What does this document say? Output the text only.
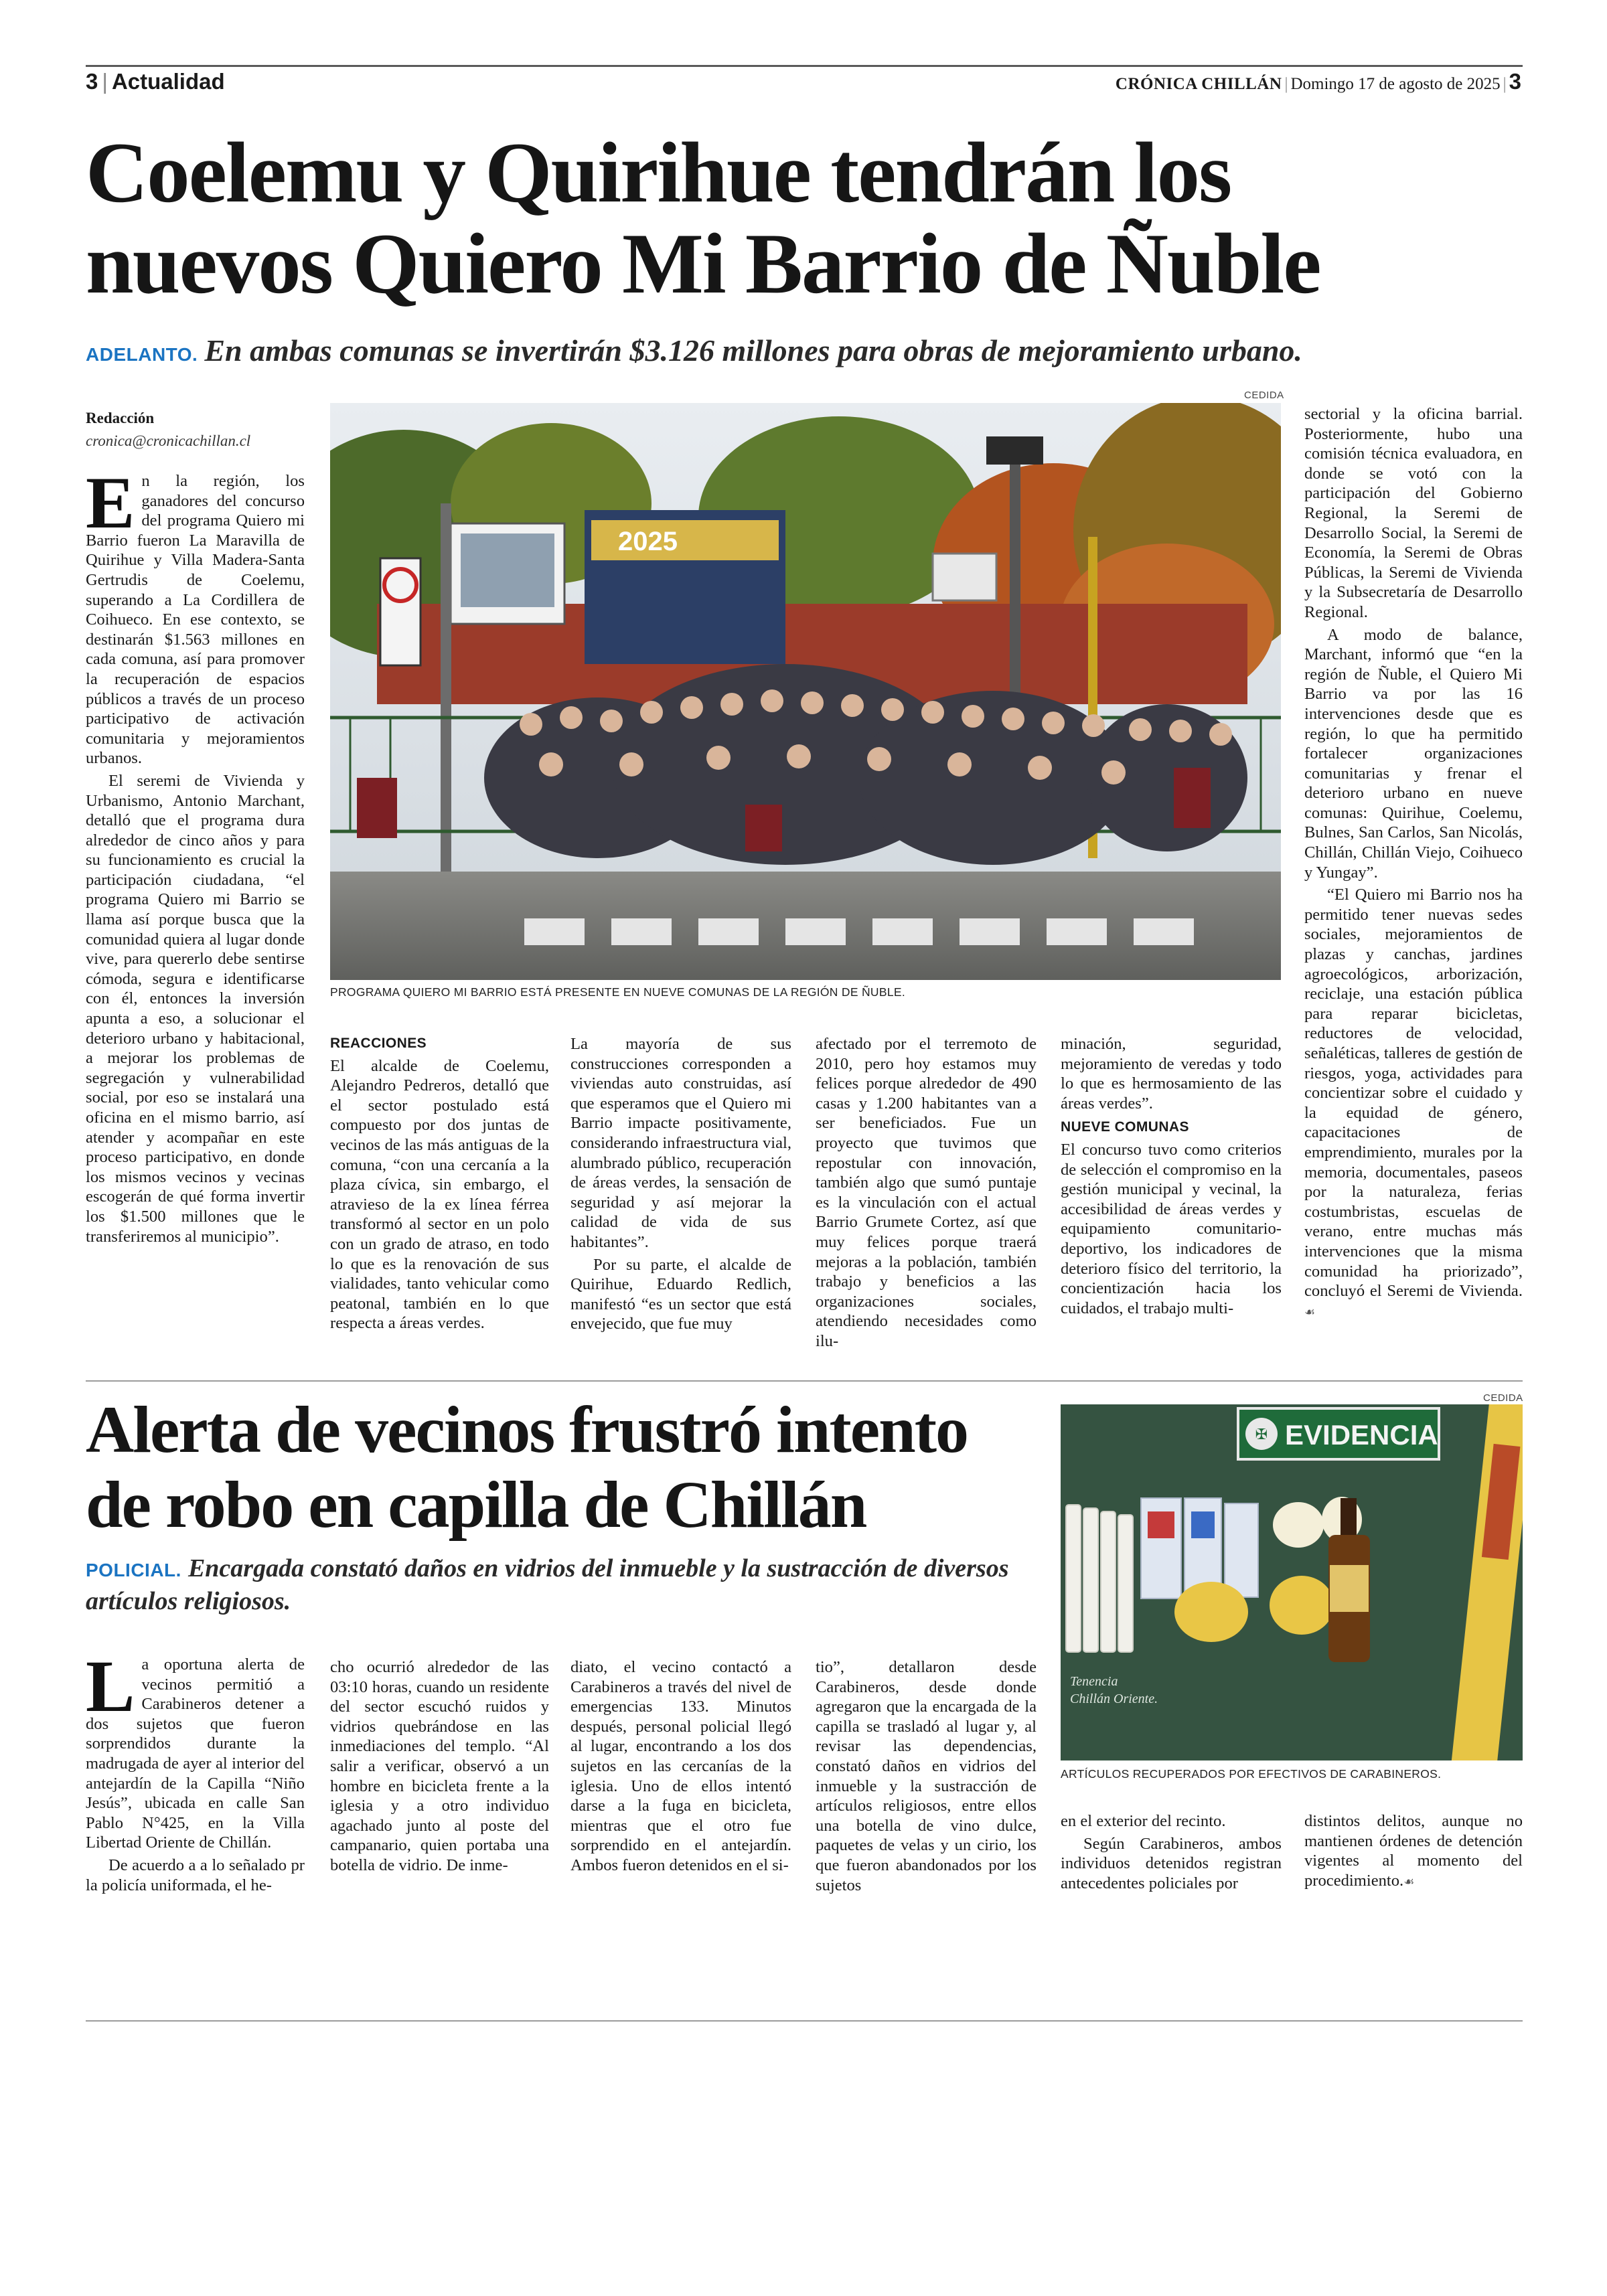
3 | Actualidad	CRÓNICA CHILLÁN | Domingo 17 de agosto de 2025 | 3
Coelemu y Quirihue tendrán los
nuevos Quiero Mi Barrio de Ñuble
ADELANTO. En ambas comunas se invertirán $3.126 millones para obras de mejoramiento urbano.
Redacción
cronica@cronicachillan.cl
CEDIDA
2025
PROGRAMA QUIERO MI BARRIO ESTÁ PRESENTE EN NUEVE COMUNAS DE LA REGIÓN DE ÑUBLE.

En la región, los ganadores del concurso del programa Quiero mi Barrio fueron La Maravilla de Quirihue y Villa Madera-Santa Gertrudis de Coelemu, superando a La Cordillera de Coihueco. En ese contexto, se destinarán $1.563 millones en cada comuna, así para promover la recuperación de espacios públicos a través de un proceso participativo de activación comunitaria y mejoramientos urbanos.

El seremi de Vivienda y Urbanismo, Antonio Marchant, detalló que el programa dura alrededor de cinco años y para su funcionamiento es crucial la participación ciudadana, “el programa Quiero mi Barrio se llama así porque busca que la comunidad quiera al lugar donde vive, para quererlo debe sentirse cómoda, segura e identificarse con él, entonces la inversión apunta a eso, a solucionar el deterioro urbano y habitacional, a mejorar los problemas de segregación y vulnerabilidad social, por eso se instalará una oficina en el mismo barrio, así atender y acompañar en este proceso participativo, en donde los mismos vecinos y vecinas escogerán de qué forma invertir los $1.500 millones que le transferiremos al municipio”.

REACCIONES

El alcalde de Coelemu, Alejandro Pedreros, detalló que el sector postulado está compuesto por dos juntas de vecinos de las más antiguas de la comuna, “con una cercanía a la plaza cívica, sin embargo, el atravieso de la ex línea férrea transformó al sector en un polo con un grado de atraso, en todo lo que es la renovación de sus vialidades, tanto vehicular como peatonal, también en lo que respecta a áreas verdes.

La mayoría de sus construcciones corresponden a viviendas auto construidas, así que esperamos que el Quiero mi Barrio impacte positivamente, considerando infraestructura vial, alumbrado público, recuperación de áreas verdes, la sensación de seguridad y así mejorar la calidad de vida de sus habitantes”.

Por su parte, el alcalde de Quirihue, Eduardo Redlich, manifestó “es un sector que está envejecido, que fue muy

afectado por el terremoto de 2010, pero hoy estamos muy felices porque alrededor de 490 casas y 1.200 habitantes van a ser beneficiados. Fue un proyecto que tuvimos que repostular con innovación, también algo que sumó puntaje es la vinculación con el actual Barrio Grumete Cortez, así que muy felices porque traerá mejoras a la población, también trabajo y beneficios a las organizaciones sociales, atendiendo necesidades como ilu-

minación, seguridad, mejoramiento de veredas y todo lo que es hermosamiento de las áreas verdes”.

NUEVE COMUNAS

El concurso tuvo como criterios de selección el compromiso en la gestión municipal y vecinal, la accesibilidad de áreas verdes y equipamiento comunitario-deportivo, los indicadores de deterioro físico del territorio, la concientización hacia los cuidados, el trabajo multi-

sectorial y la oficina barrial. Posteriormente, hubo una comisión técnica evaluadora, en donde se votó con la participación del Gobierno Regional, la Seremi de Desarrollo Social, la Seremi de Economía, la Seremi de Obras Públicas, la Seremi de Vivienda y la Subsecretaría de Desarrollo Regional.

A modo de balance, Marchant, informó que “en la región de Ñuble, el Quiero Mi Barrio va por las 16 intervenciones desde que es región, lo que ha permitido fortalecer organizaciones comunitarias y frenar el deterioro urbano en nueve comunas: Quirihue, Coelemu, Bulnes, San Carlos, San Nicolás, Chillán, Chillán Viejo, Coihueco y Yungay”.

“El Quiero mi Barrio nos ha permitido tener nuevas sedes sociales, mejoramientos de plazas y canchas, jardines agroecológicos, arborización, reciclaje, una estación pública para reparar bicicletas, reductores de velocidad, señaléticas, talleres de gestión de riesgos, yoga, actividades para concientizar sobre el cuidado y la equidad de género, capacitaciones de emprendimiento, murales por la memoria, documentales, paseos por la naturaleza, ferias costumbristas, escuelas de verano, entre muchas más intervenciones que la misma comunidad ha priorizado”, concluyó el Seremi de Vivienda. ☙

Alerta de vecinos frustró intento
de robo en capilla de Chillán
POLICIAL. Encargada constató daños en vidrios del inmueble y la sustracción de diversos artículos religiosos.
CEDIDA
✠ EVIDENCIA
Tenencia
Chillán Oriente.
ARTÍCULOS RECUPERADOS POR EFECTIVOS DE CARABINEROS.

La oportuna alerta de vecinos permitió a Carabineros detener a dos sujetos que fueron sorprendidos durante la madrugada de ayer al interior del antejardín de la Capilla “Niño Jesús”, ubicada en calle San Pablo N°425, en la Villa Libertad Oriente de Chillán.

De acuerdo a a lo señalado pr la policía uniformada, el he-

cho ocurrió alrededor de las 03:10 horas, cuando un residente del sector escuchó ruidos y vidrios quebrándose en las inmediaciones del templo. “Al salir a verificar, observó a un hombre en bicicleta frente a la iglesia y a otro individuo agachado junto al poste del campanario, quien portaba una botella de vidrio. De inme-

diato, el vecino contactó a Carabineros a través del nivel de emergencias 133. Minutos después, personal policial llegó al lugar, encontrando a los dos sujetos en las cercanías de la iglesia. Uno de ellos intentó darse a la fuga en bicicleta, mientras que el otro fue sorprendido en el antejardín. Ambos fueron detenidos en el si-

tio”, detallaron desde Carabineros, desde donde agregaron que la encargada de la capilla se trasladó al lugar y, al revisar las dependencias, constató daños en vidrios del inmueble y la sustracción de artículos religiosos, entre ellos una botella de vino dulce, paquetes de velas y un cirio, los que fueron abandonados por los sujetos

en el exterior del recinto.

Según Carabineros, ambos individuos detenidos registran antecedentes policiales por

distintos delitos, aunque no mantienen órdenes de detención vigentes al momento del procedimiento.☙
